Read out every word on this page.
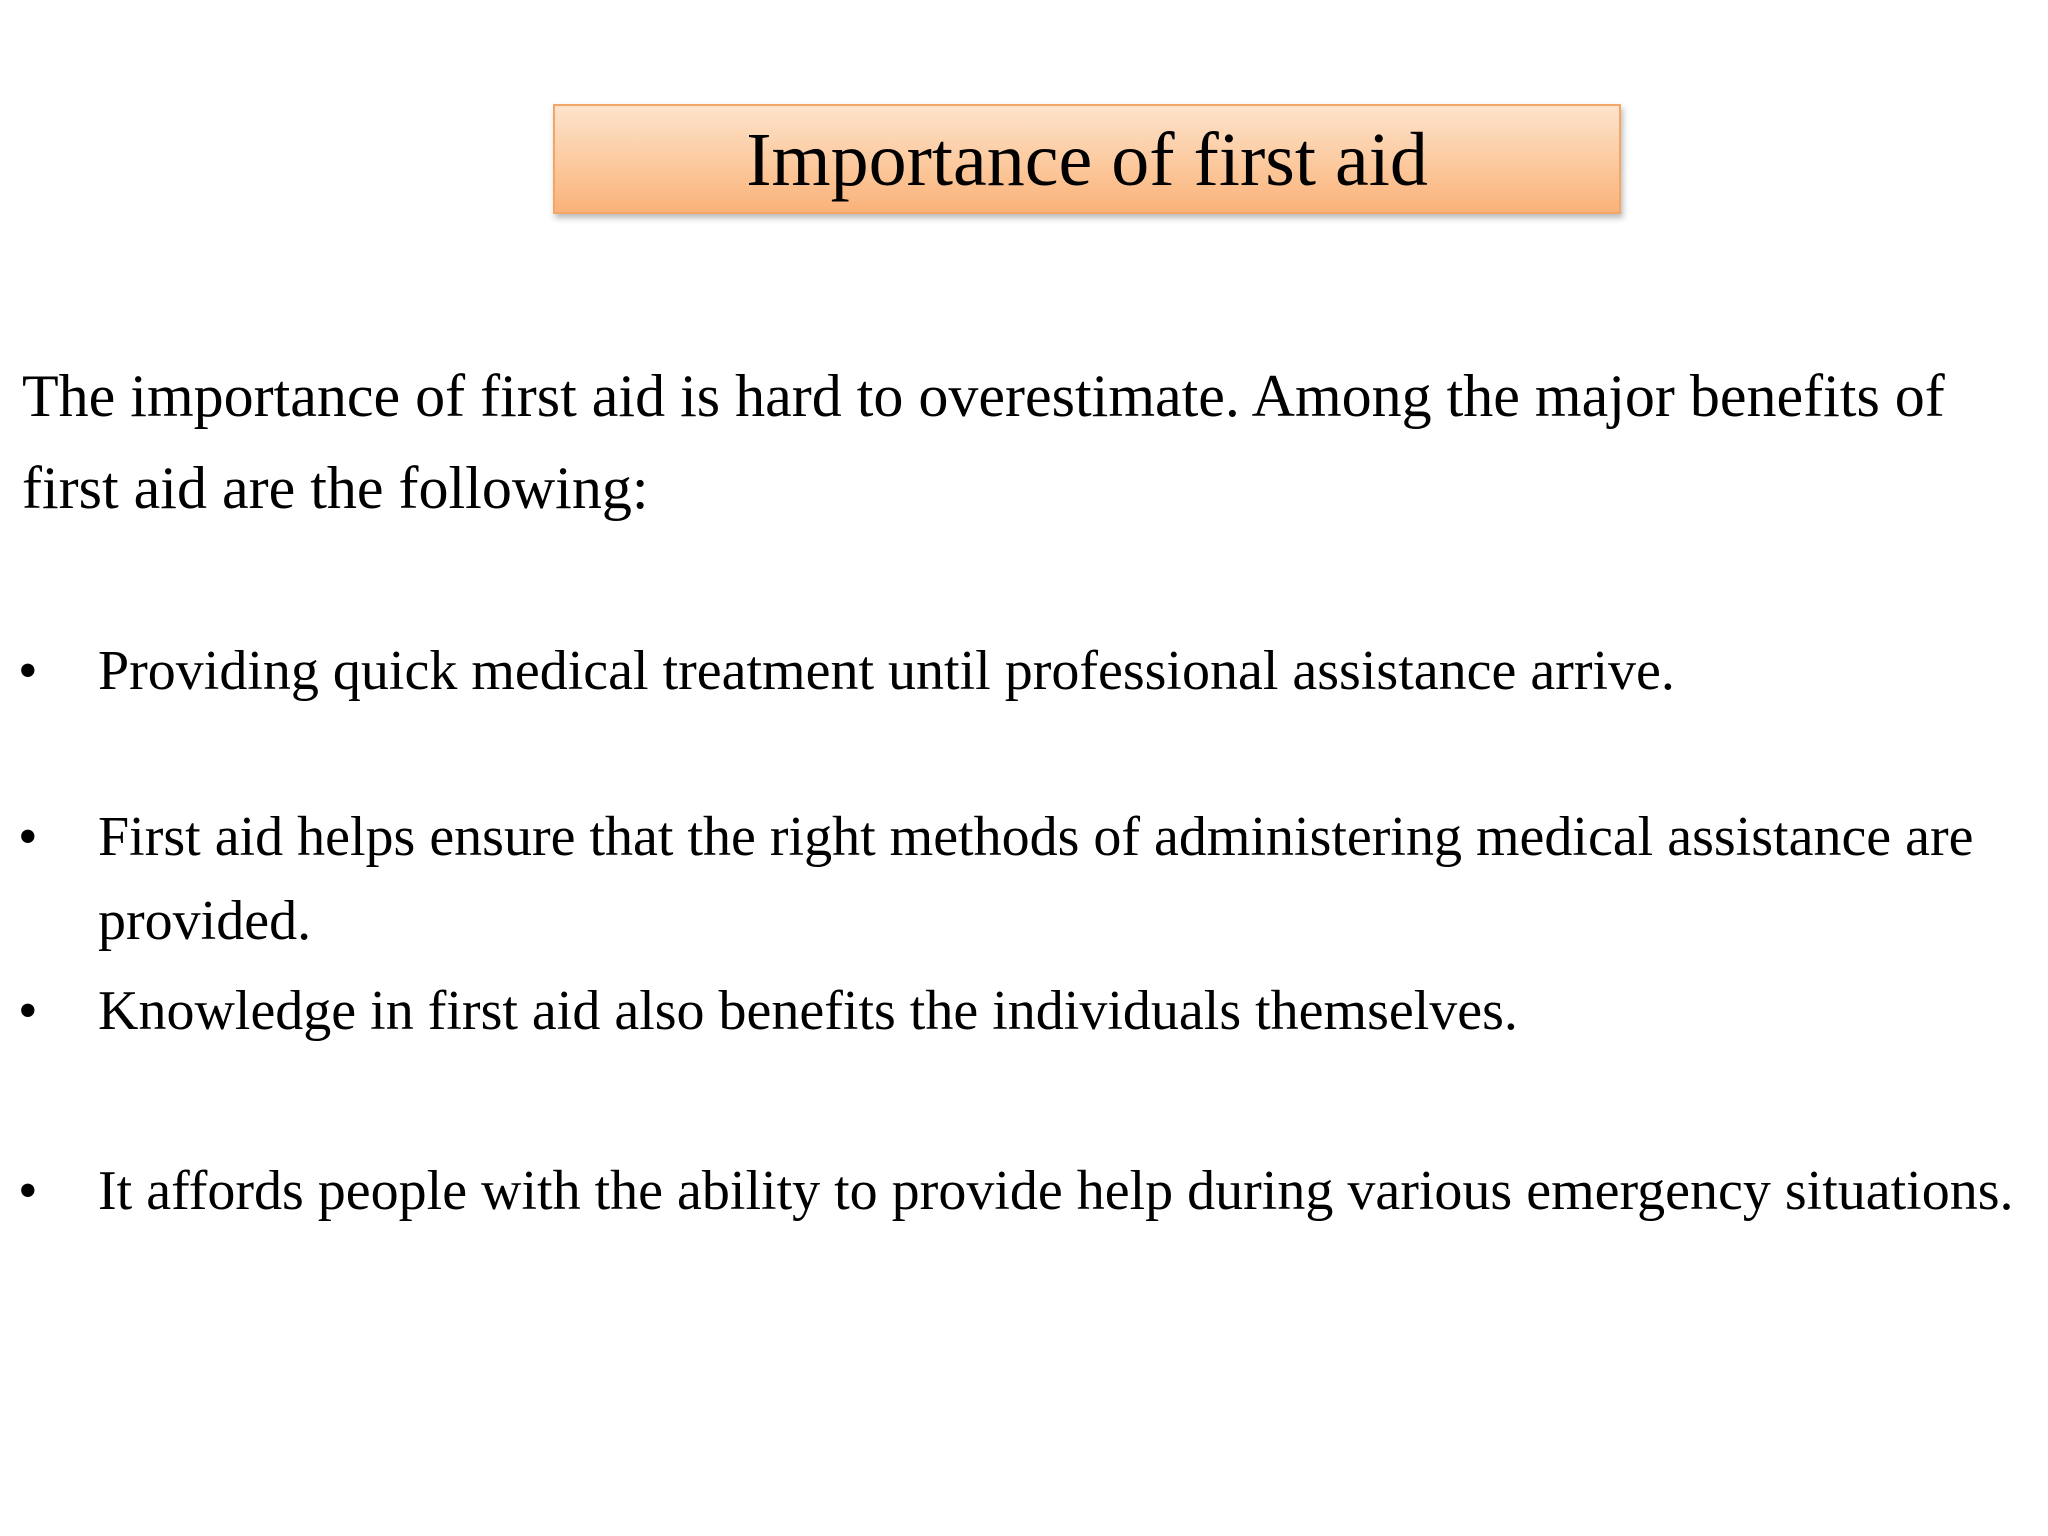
Importance of first aid
The importance of first aid is hard to overestimate. Among the major benefits of first aid are the following:
•	Providing quick medical treatment until professional assistance arrive.
•	First aid helps ensure that the right methods of administering medical assistance are provided.
•	Knowledge in first aid also benefits the individuals themselves.
•	It affords people with the ability to provide help during various emergency situations.
